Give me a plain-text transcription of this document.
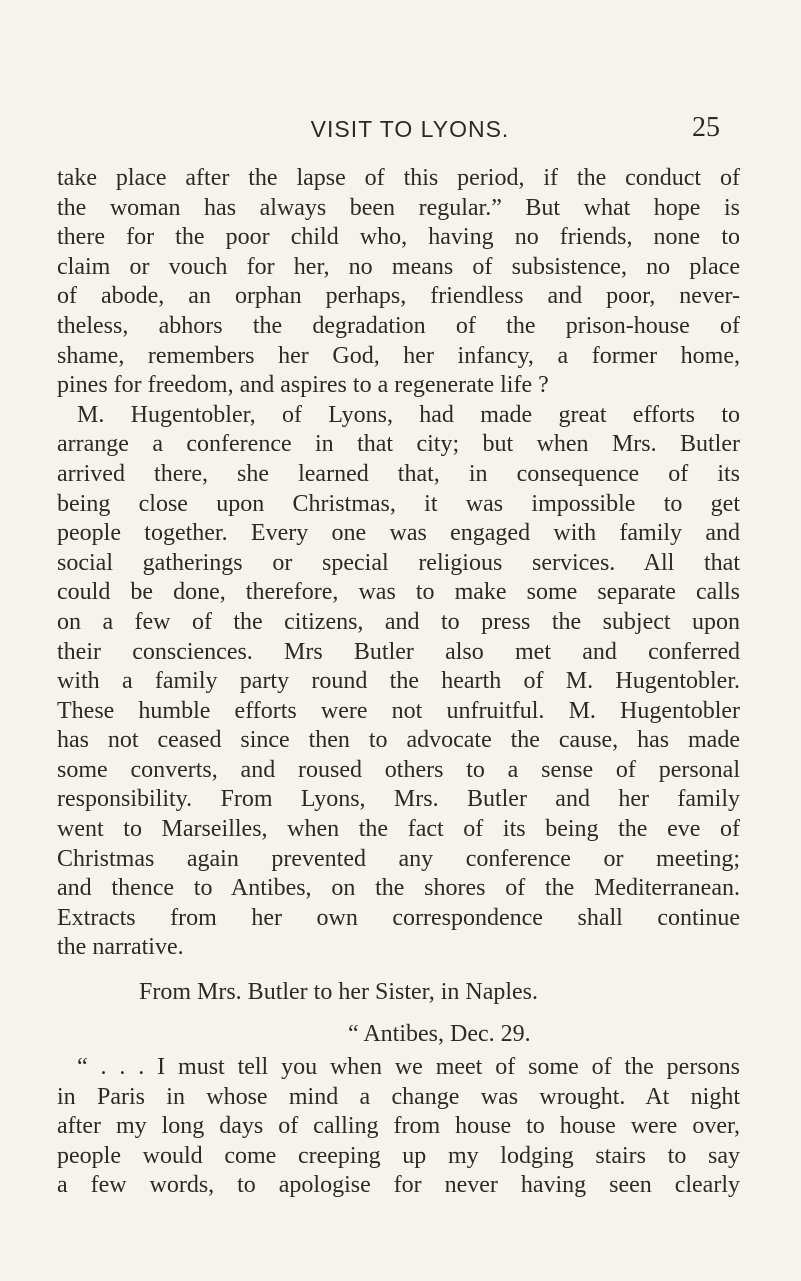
VISIT TO LYONS.	25
take place after the lapse of this period, if the conduct of
the woman has always been regular.” But what hope is
there for the poor child who, having no friends, none to
claim or vouch for her, no means of subsistence, no place
of abode, an orphan perhaps, friendless and poor, never-
theless, abhors the degradation of the prison-house of
shame, remembers her God, her infancy, a former home,
pines for freedom, and aspires to a regenerate life ?
M. Hugentobler, of Lyons, had made great efforts to
arrange a conference in that city; but when Mrs. Butler
arrived there, she learned that, in consequence of its
being close upon Christmas, it was impossible to get
people together. Every one was engaged with family and
social gatherings or special religious services. All that
could be done, therefore, was to make some separate calls
on a few of the citizens, and to press the subject upon
their consciences. Mrs Butler also met and conferred
with a family party round the hearth of M. Hugentobler.
These humble efforts were not unfruitful. M. Hugentobler
has not ceased since then to advocate the cause, has made
some converts, and roused others to a sense of personal
responsibility. From Lyons, Mrs. Butler and her family
went to Marseilles, when the fact of its being the eve of
Christmas again prevented any conference or meeting;
and thence to Antibes, on the shores of the Mediterranean.
Extracts from her own correspondence shall continue
the narrative.
From Mrs. Butler to her Sister, in Naples.
“ Antibes, Dec. 29.
“ . . . I must tell you when we meet of some of the persons
in Paris in whose mind a change was wrought. At night
after my long days of calling from house to house were over,
people would come creeping up my lodging stairs to say
a few words, to apologise for never having seen clearly
